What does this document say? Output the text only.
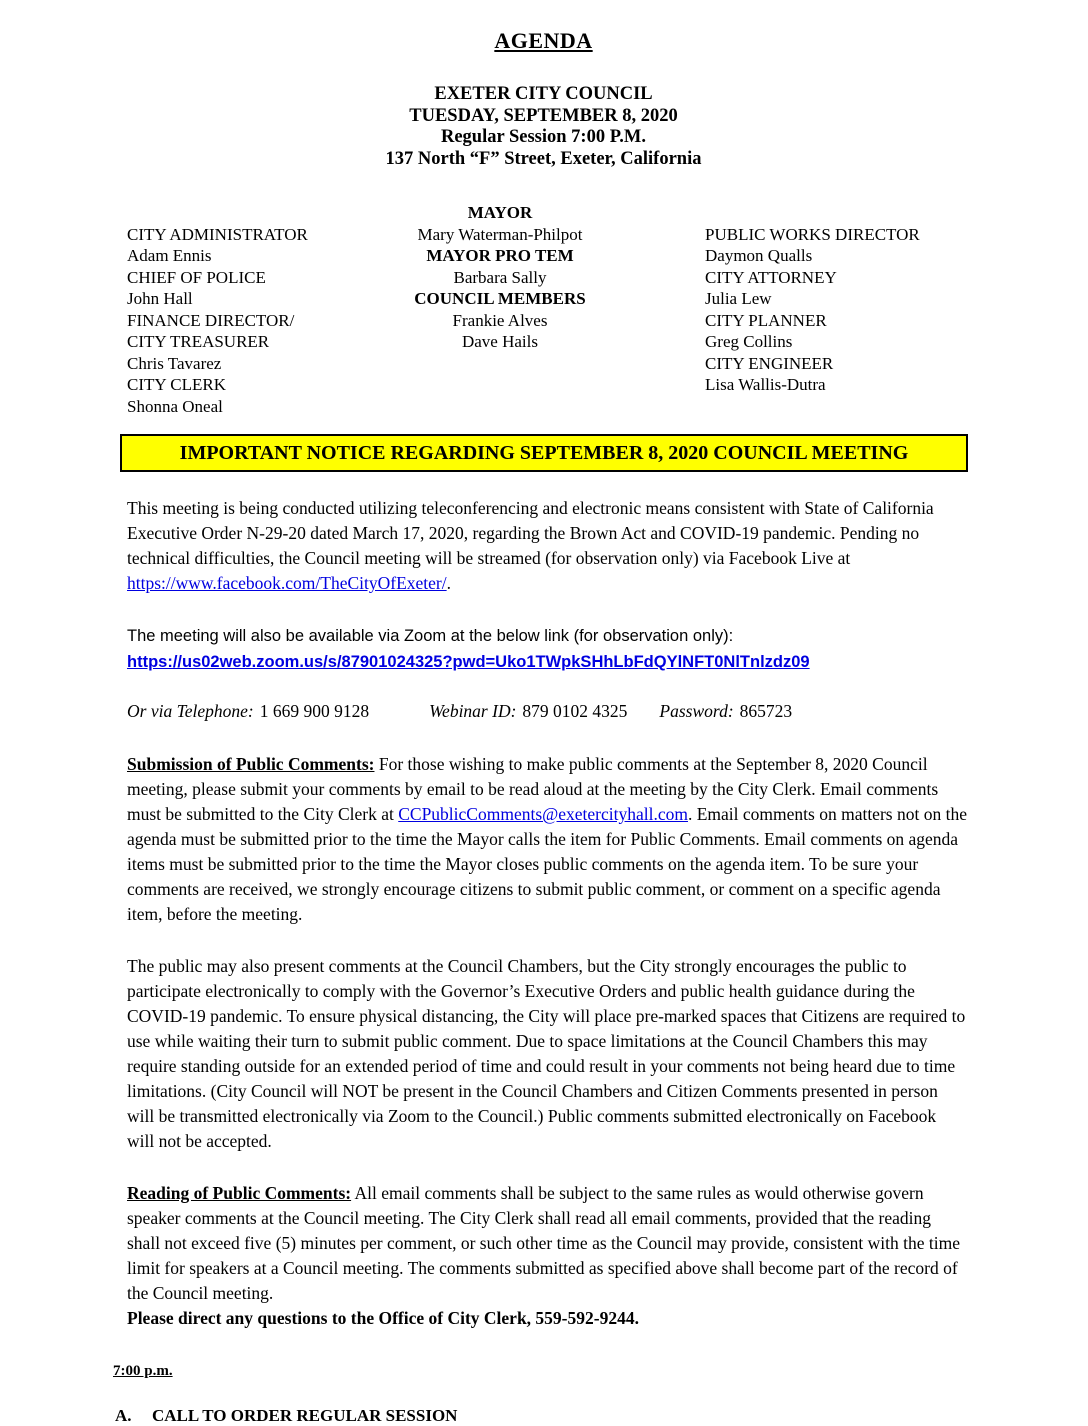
AGENDA
EXETER CITY COUNCIL
TUESDAY, SEPTEMBER 8, 2020
Regular Session 7:00 P.M.
137 North “F” Street, Exeter, California
CITY ADMINISTRATOR
Adam Ennis
CHIEF OF POLICE
John Hall
FINANCE DIRECTOR/
CITY TREASURER
Chris Tavarez
CITY CLERK
Shonna Oneal
MAYOR
Mary Waterman-Philpot
MAYOR PRO TEM
Barbara Sally
COUNCIL MEMBERS
Frankie Alves
Dave Hails
PUBLIC WORKS DIRECTOR
Daymon Qualls
CITY ATTORNEY
Julia Lew
CITY PLANNER
Greg Collins
CITY ENGINEER
Lisa Wallis-Dutra
IMPORTANT NOTICE REGARDING SEPTEMBER 8, 2020 COUNCIL MEETING

This meeting is being conducted utilizing teleconferencing and electronic means consistent with State of California Executive Order N-29-20 dated March 17, 2020, regarding the Brown Act and COVID-19 pandemic. Pending no technical difficulties, the Council meeting will be streamed (for observation only) via Facebook Live at https://www.facebook.com/TheCityOfExeter/.

The meeting will also be available via Zoom at the below link (for observation only):
https://us02web.zoom.us/s/87901024325?pwd=Uko1TWpkSHhLbFdQYlNFT0NlTnlzdz09
Or via Telephone: 1 669 900 9128	Webinar ID: 879 0102 4325 Password: 865723

Submission of Public Comments: For those wishing to make public comments at the September 8, 2020 Council meeting, please submit your comments by email to be read aloud at the meeting by the City Clerk. Email comments must be submitted to the City Clerk at CCPublicComments@exetercityhall.com. Email comments on matters not on the agenda must be submitted prior to the time the Mayor calls the item for Public Comments. Email comments on agenda items must be submitted prior to the time the Mayor closes public comments on the agenda item. To be sure your comments are received, we strongly encourage citizens to submit public comment, or comment on a specific agenda item, before the meeting.

The public may also present comments at the Council Chambers, but the City strongly encourages the public to participate electronically to comply with the Governor’s Executive Orders and public health guidance during the COVID-19 pandemic. To ensure physical distancing, the City will place pre-marked spaces that Citizens are required to use while waiting their turn to submit public comment. Due to space limitations at the Council Chambers this may require standing outside for an extended period of time and could result in your comments not being heard due to time limitations. (City Council will NOT be present in the Council Chambers and Citizen Comments presented in person will be transmitted electronically via Zoom to the Council.) Public comments submitted electronically on Facebook will not be accepted.

Reading of Public Comments: All email comments shall be subject to the same rules as would otherwise govern speaker comments at the Council meeting. The City Clerk shall read all email comments, provided that the reading shall not exceed five (5) minutes per comment, or such other time as the Council may provide, consistent with the time limit for speakers at a Council meeting. The comments submitted as specified above shall become part of the record of the Council meeting.
Please direct any questions to the Office of City Clerk, 559-592-9244.

7:00 p.m.
A.	CALL TO ORDER REGULAR SESSION
